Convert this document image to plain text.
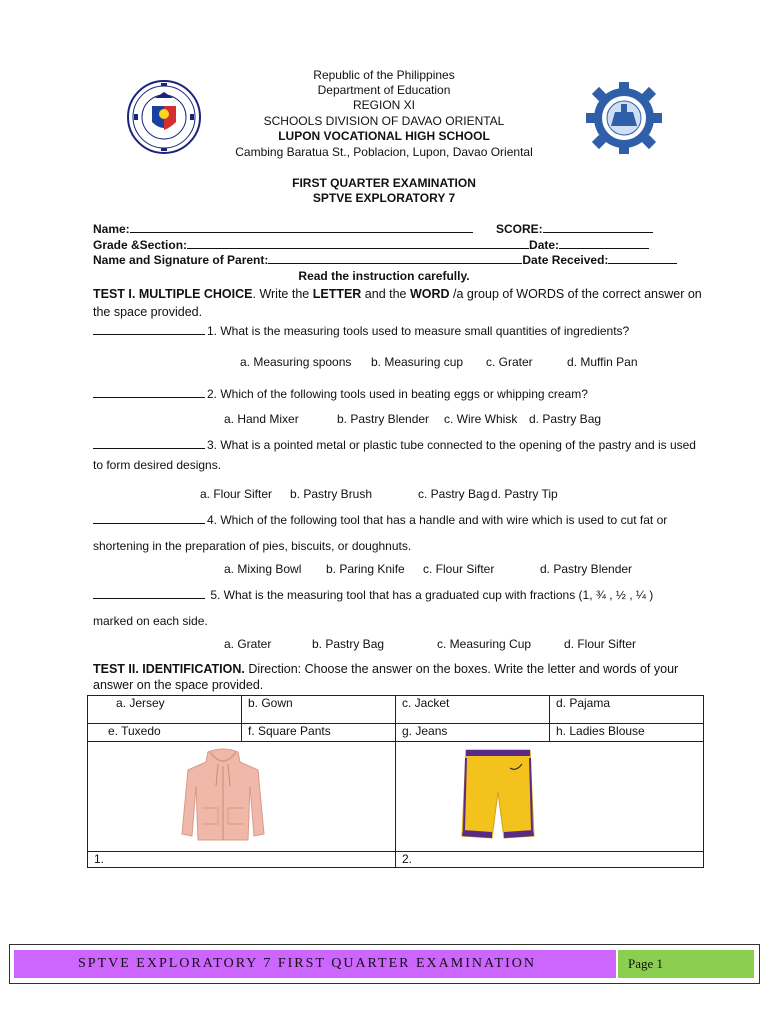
Republic of the Philippines
Department of Education
REGION XI
SCHOOLS DIVISION OF DAVAO ORIENTAL
LUPON VOCATIONAL HIGH SCHOOL
Cambing Baratua St., Poblacion, Lupon, Davao Oriental
FIRST QUARTER EXAMINATION
SPTVE EXPLORATORY 7
Name:	SCORE:
Grade &Section:	Date:
Name and Signature of Parent:	Date Received:
Read the instruction carefully.
TEST I. MULTIPLE CHOICE. Write the LETTER and the WORD /a group of WORDS of the correct answer on the space provided.
1. What is the measuring tools used to measure small quantities of ingredients?
a. Measuring spoons b. Measuring cup c. Grater	d. Muffin Pan
2. Which of the following tools used in beating eggs or whipping cream?
a. Hand Mixer	b. Pastry Blender c. Wire Whisk d. Pastry Bag
3. What is a pointed metal or plastic tube connected to the opening of the pastry and is used to form desired designs.
a. Flour Sifter b. Pastry Brush	c. Pastry Bag d. Pastry Tip
4. Which of the following tool that has a handle and with wire which is used to cut fat or
shortening in the preparation of pies, biscuits, or doughnuts.
a. Mixing Bowl b. Paring Knife c. Flour Sifter	d. Pastry Blender
5. What is the measuring tool that has a graduated cup with fractions (1, ¾ , ½ , ¼ )
marked on each side.
a. Grater	b. Pastry Bag	c. Measuring Cup	d. Flour Sifter
TEST II. IDENTIFICATION. Direction: Choose the answer on the boxes. Write the letter and words of your answer on the space provided.
a. Jersey	b. Gown	c. Jacket	d. Pajama
e. Tuxedo	f. Square Pants	g. Jeans	h. Ladies Blouse

1.		2.	
SPTVE EXPLORATORY 7 FIRST QUARTER EXAMINATION	Page 1
